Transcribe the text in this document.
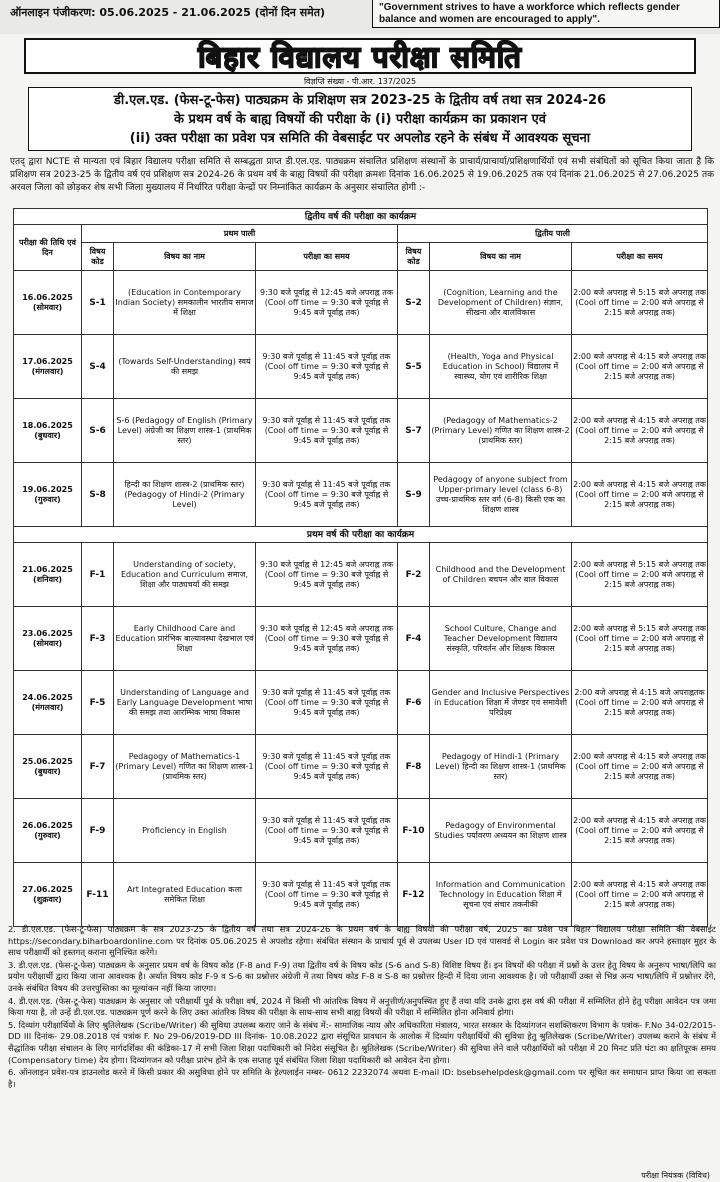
ऑनलाइन पंजीकरण: 05.06.2025 - 21.06.2025 (दोनों दिन समेत)	"Government strives to have a workforce which reflects gender balance and women are encouraged to apply".
बिहार विद्यालय परीक्षा समिति
विज्ञप्ति संख्या - पी.आर. 137/2025
डी.एल.एड. (फेस-टू-फेस) पाठ्यक्रम के प्रशिक्षण सत्र 2023-25 के द्वितीय वर्ष तथा सत्र 2024-26
के प्रथम वर्ष के बाह्य विषयों की परीक्षा के (i) परीक्षा कार्यक्रम का प्रकाशन एवं
(ii) उक्त परीक्षा का प्रवेश पत्र समिति की वेबसाईट पर अपलोड रहने के संबंध में आवश्यक सूचना
एतद् द्वारा NCTE से मान्यता एवं बिहार विद्यालय परीक्षा समिति से सम्बद्धता प्राप्त डी.एल.एड. पाठ्यक्रम संचालित प्रशिक्षण संस्थानों के प्राचार्य/प्राचार्या/प्रशिक्षणार्थियों एवं सभी संबंधितों को सूचित किया जाता है कि प्रशिक्षण सत्र 2023-25 के द्वितीय वर्ष एवं प्रशिक्षण सत्र 2024-26 के प्रथम वर्ष के बाह्य विषयों की परीक्षा क्रमशः दिनांक 16.06.2025 से 19.06.2025 तक एवं दिनांक 21.06.2025 से 27.06.2025 तक अरवल जिला को छोड़कर शेष सभी जिला मुख्यालय में निर्धारित परीक्षा केन्द्रों पर निम्नांकित कार्यक्रम के अनुसार संचालित होगी :-
द्वितीय वर्ष की परीक्षा का कार्यक्रम						
परीक्षा की तिथि एवं दिन	प्रथम पाली			द्वितीय पाली		
	विषय कोड	विषय का नाम	परीक्षा का समय	विषय कोड	विषय का नाम	परीक्षा का समय

16.06.2025
(सोमवार)	S-1	(Education in Contemporary Indian Society) समकालीन भारतीय समाज में शिक्षा	9:30 बजे पूर्वाह्न से 12:45 बजे अपराह्न तक (Cool off time = 9:30 बजे पूर्वाह्न से 9:45 बजे पूर्वाह्न तक)	S-2	(Cognition, Learning and the Development of Children) संज्ञान, सीखना और बालविकास	2:00 बजे अपराह्न से 5:15 बजे अपराह्न तक (Cool off time = 2:00 बजे अपराह्न से 2:15 बजे अपराह्न तक)

17.06.2025
(मंगलवार)	S-4	(Towards Self-Understanding) स्वयं की समझ	9:30 बजे पूर्वाह्न से 11:45 बजे पूर्वाह्न तक (Cool off time = 9:30 बजे पूर्वाह्न से 9:45 बजे पूर्वाह्न तक)	S-5	(Health, Yoga and Physical Education in School) विद्यालय में स्वास्थ्य, योग एवं शारीरिक शिक्षा	2:00 बजे अपराह्न से 4:15 बजे अपराह्न तक (Cool off time = 2:00 बजे अपराह्न से 2:15 बजे अपराह्न तक)

18.06.2025
(बुधवार)	S-6	S-6 (Pedagogy of English (Primary Level) अंग्रेजी का शिक्षण शास्त्र-1 (प्राथमिक स्तर)	9:30 बजे पूर्वाह्न से 11:45 बजे पूर्वाह्न तक (Cool off time = 9:30 बजे पूर्वाह्न से 9:45 बजे पूर्वाह्न तक)	S-7	(Pedagogy of Mathematics-2 (Primary Level) गणित का शिक्षण शास्त्र-2 (प्राथमिक स्तर)	2:00 बजे अपराह्न से 4:15 बजे अपराह्न तक (Cool off time = 2:00 बजे अपराह्न से 2:15 बजे अपराह्न तक)

19.06.2025
(गुरुवार)	S-8	हिन्दी का शिक्षण शास्त्र-2 (प्राथमिक स्तर) (Pedagogy of Hindi-2 (Primary Level)	9:30 बजे पूर्वाह्न से 11:45 बजे पूर्वाह्न तक (Cool off time = 9:30 बजे पूर्वाह्न से 9:45 बजे पूर्वाह्न तक)	S-9	Pedagogy of anyone subject from Upper-primary level (class 6-8) उच्च-प्राथमिक स्तर वर्ग (6-8) किसी एक का शिक्षण शास्त्र	2:00 बजे अपराह्न से 4:15 बजे अपराह्न तक (Cool off time = 2:00 बजे अपराह्न से 2:15 बजे अपराह्न तक)
प्रथम वर्ष की परीक्षा का कार्यक्रम						

21.06.2025
(शनिवार)	F-1	Understanding of society, Education and Curriculum समाज, शिक्षा और पाठ्यचर्या की समझ	9:30 बजे पूर्वाह्न से 12:45 बजे अपराह्न तक (Cool off time = 9:30 बजे पूर्वाह्न से 9:45 बजे पूर्वाह्न तक)	F-2	Childhood and the Development of Children बचपन और बाल विकास	2:00 बजे अपराह्न से 5:15 बजे अपराह्न तक (Cool off time = 2:00 बजे अपराह्न से 2:15 बजे अपराह्न तक)

23.06.2025
(सोमवार)	F-3	Early Childhood Care and Education प्रारंभिक बाल्यावस्था देखभाल एवं शिक्षा	9:30 बजे पूर्वाह्न से 12:45 बजे अपराह्न तक (Cool off time = 9:30 बजे पूर्वाह्न से 9:45 बजे पूर्वाह्न तक)	F-4	School Culture, Change and Teacher Development विद्यालय संस्कृति, परिवर्तन और शिक्षक विकास	2:00 बजे अपराह्न से 5:15 बजे अपराह्न तक (Cool off time = 2:00 बजे अपराह्न से 2:15 बजे अपराह्न तक)

24.06.2025
(मंगलवार)	F-5	Understanding of Language and Early Language Development भाषा की समझ तथा आरम्भिक भाषा विकास	9:30 बजे पूर्वाह्न से 11:45 बजे पूर्वाह्न तक (Cool off time = 9:30 बजे पूर्वाह्न से 9:45 बजे पूर्वाह्न तक)	F-6	Gender and Inclusive Perspectives in Education शिक्षा में जेण्डर एवं समावेशी परिप्रेक्ष्य	2:00 बजे अपराह्न से 4:15 बजे अपराह्नतक (Cool off time = 2:00 बजे अपराह्न से 2:15 बजे अपराह्न तक)

25.06.2025
(बुधवार)	F-7	Pedagogy of Mathematics-1 (Primary Level) गणित का शिक्षण शास्त्र-1 (प्राथमिक स्तर)	9:30 बजे पूर्वाह्न से 11:45 बजे पूर्वाह्न तक (Cool off time = 9:30 बजे पूर्वाह्न से 9:45 बजे पूर्वाह्न तक)	F-8	Pedagogy of Hindi-1 (Primary Level) हिन्दी का शिक्षण शास्त्र-1 (प्राथमिक स्तर)	2:00 बजे अपराह्न से 4:15 बजे अपराह्न तक (Cool off time = 2:00 बजे अपराह्न से 2:15 बजे अपराह्न तक)

26.06.2025
(गुरुवार)	F-9	Proficiency in English	9:30 बजे पूर्वाह्न से 11:45 बजे पूर्वाह्न तक (Cool off time = 9:30 बजे पूर्वाह्न से 9:45 बजे पूर्वाह्न तक)	F-10	Pedagogy of Environmental Studies पर्यावरण अध्ययन का शिक्षण शास्त्र	2:00 बजे अपराह्न से 4:15 बजे अपराह्न तक (Cool off time = 2:00 बजे अपराह्न से 2:15 बजे अपराह्न तक)

27.06.2025
(शुक्रवार)	F-11	Art Integrated Education कला समेकित शिक्षा	9:30 बजे पूर्वाह्न से 11:45 बजे पूर्वाह्न तक (Cool off time = 9:30 बजे पूर्वाह्न से 9:45 बजे पूर्वाह्न तक)	F-12	Information and Communication Technology in Education शिक्षा में सूचना एवं संचार तकनीकी	2:00 बजे अपराह्न से 4:15 बजे अपराह्न तक (Cool off time = 2:00 बजे अपराह्न से 2:15 बजे अपराह्न तक)

2. डी.एल.एड. (फेस-टू-फेस) पाठ्यक्रम के सत्र 2023-25 के द्वितीय वर्ष तथा सत्र 2024-26 के प्रथम वर्ष के बाह्य विषयों की परीक्षा वर्ष, 2025 का प्रवेश पत्र बिहार विद्यालय परीक्षा समिति की वेबसाईट https://secondary.biharboardonline.com पर दिनांक 05.06.2025 से अपलोड रहेगा। संबंधित संस्थान के प्राचार्य पूर्व से उपलब्ध User ID एवं पासवर्ड से Login कर प्रवेश पत्र Download कर अपने हस्ताक्षर मुहर के साथ परीक्षार्थी को हस्तगत् कराना सुनिश्चित करेंगे।

3. डी.एल.एड. (फेस-टू-फेस) पाठ्यक्रम के अनुसार प्रथम वर्ष के विषय कोड (F-8 and F-9) तथा द्वितीय वर्ष के विषय कोड (S-6 and S-8) विशिष्ट विषय हैं। इन विषयों की परीक्षा में प्रश्नों के उत्तर हेतु विषय के अनुरूप भाषा/लिपि का प्रयोग परीक्षार्थी द्वारा किया जाना आवश्यक है। अर्थात विषय कोड F-9 व S-6 का प्रश्नोत्तर अंग्रेजी में तथा विषय कोड F-8 व S-8 का प्रश्नोत्तर हिन्दी में दिया जाना आवश्यक है। जो परीक्षार्थी उक्त से भिन्न अन्य भाषा/लिपि में प्रश्नोत्तर देंगे, उनके संबंधित विषय की उत्तरपुस्तिका का मूल्यांकन नहीं किया जाएगा।

4. डी.एल.एड. (फेस-टू-फेस) पाठ्यक्रम के अनुसार जो परीक्षार्थी पूर्व के परीक्षा वर्ष, 2024 में किसी भी आंतरिक विषय में अनुत्तीर्ण/अनुपस्थित हुए हैं तथा यदि उनके द्वारा इस वर्ष की परीक्षा में सम्मिलित होने हेतु परीक्षा आवेदन पत्र जमा किया गया है, तो उन्हें डी.एल.एड. पाठ्यक्रम पूर्ण करने के लिए उक्त आंतरिक विषय की परीक्षा के साथ-साथ सभी बाह्य विषयों की परीक्षा में सम्मिलित होना अनिवार्य होगा।

5. दिव्यांग परीक्षार्थियों के लिए श्रुतिलेखक (Scribe/Writer) की सुविधा उपलब्ध कराए जाने के संबंध में:- सामाजिक न्याय और अधिकारिता मंत्रालय, भारत सरकार के दिव्यांगजन सशक्तिकरण विभाग के पत्रांक- F.No 34-02/2015-DD III दिनांक- 29.08.2018 एवं पत्रांक F. No 29-06/2019-DD III दिनांक- 10.08.2022 द्वारा संसूचित प्रावधान के आलोक में दिव्यांग परीक्षार्थियों की सुविधा हेतु श्रुतिलेखक (Scribe/Writer) उपलब्ध कराने के संबंध में सैद्धांतिक परीक्षा संचालन के लिए मार्गदर्शिका की कंडिका-17 में सभी जिला शिक्षा पदाधिकारी को निदेश संसूचित है। श्रुतिलेखक (Scribe/Writer) की सुविधा लेने वाले परीक्षार्थियों को परीक्षा में 20 मिनट प्रति घंटा का क्षतिपूरक समय (Compensatory time) देय होगा। दिव्यांगजन को परीक्षा प्रारंभ होने के एक सप्ताह पूर्व संबंधित जिला शिक्षा पदाधिकारी को आवेदन देना होगा।

6. ऑनलाइन प्रवेश-पत्र डाउनलोड करने में किसी प्रकार की असुविधा होने पर समिति के हेल्पलाईन नम्बर- 0612 2232074 अथवा E-mail ID: bsebsehelpdesk@gmail.com पर सूचित कर समाधान प्राप्त किया जा सकता है।

परीक्षा नियंत्रक (विविध)
